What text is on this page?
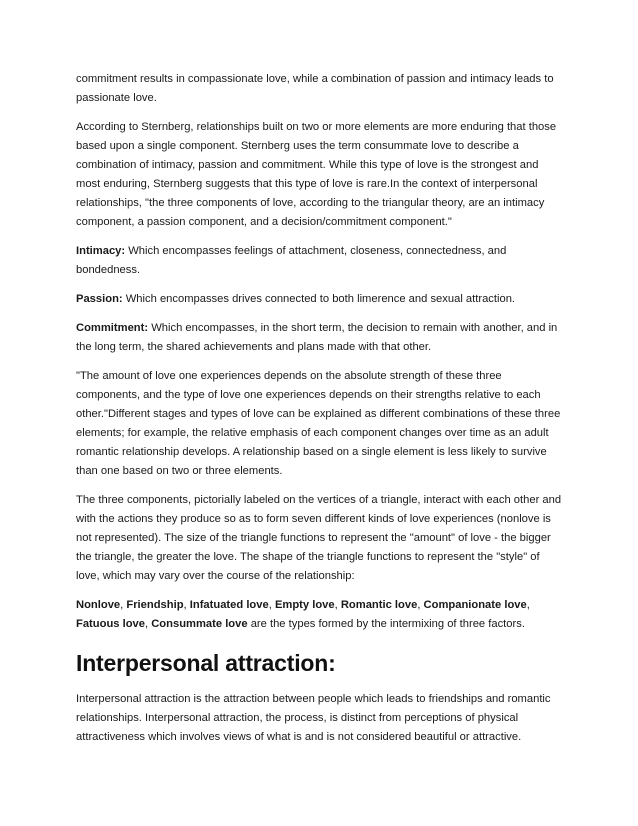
commitment results in compassionate love, while a combination of passion and intimacy leads to passionate love.

According to Sternberg, relationships built on two or more elements are more enduring that those based upon a single component. Sternberg uses the term consummate love to describe a combination of intimacy, passion and commitment. While this type of love is the strongest and most enduring, Sternberg suggests that this type of love is rare.In the context of interpersonal relationships, "the three components of love, according to the triangular theory, are an intimacy component, a passion component, and a decision/commitment component."

Intimacy: Which encompasses feelings of attachment, closeness, connectedness, and bondedness.

Passion: Which encompasses drives connected to both limerence and sexual attraction.

Commitment: Which encompasses, in the short term, the decision to remain with another, and in the long term, the shared achievements and plans made with that other.

"The amount of love one experiences depends on the absolute strength of these three components, and the type of love one experiences depends on their strengths relative to each other."Different stages and types of love can be explained as different combinations of these three elements; for example, the relative emphasis of each component changes over time as an adult romantic relationship develops. A relationship based on a single element is less likely to survive than one based on two or three elements.

The three components, pictorially labeled on the vertices of a triangle, interact with each other and with the actions they produce so as to form seven different kinds of love experiences (nonlove is not represented). The size of the triangle functions to represent the "amount" of love - the bigger the triangle, the greater the love. The shape of the triangle functions to represent the "style" of love, which may vary over the course of the relationship:

Nonlove, Friendship, Infatuated love, Empty love, Romantic love, Companionate love, Fatuous love, Consummate love are the types formed by the intermixing of three factors.

Interpersonal attraction:

Interpersonal attraction is the attraction between people which leads to friendships and romantic relationships. Interpersonal attraction, the process, is distinct from perceptions of physical attractiveness which involves views of what is and is not considered beautiful or attractive.
